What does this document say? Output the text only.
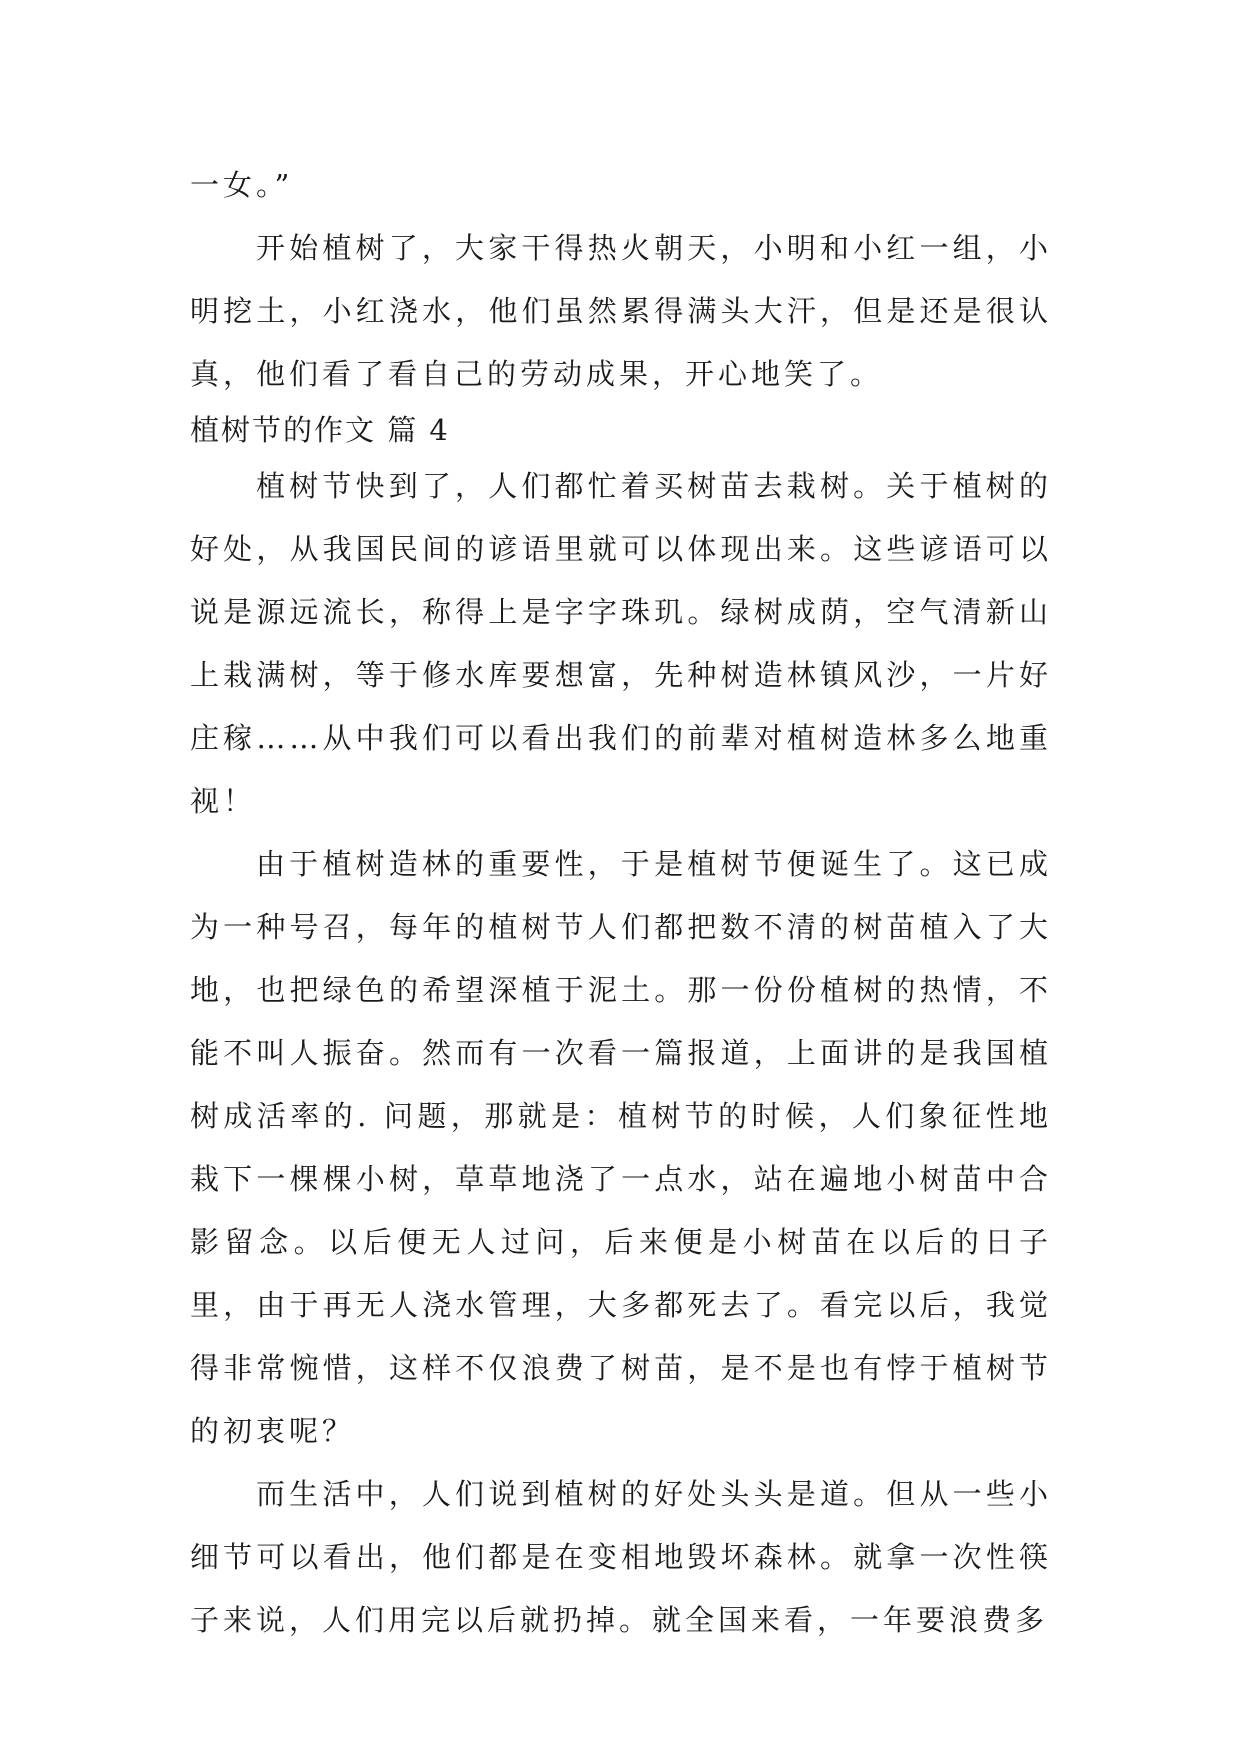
一女。”

开始植树了，大家干得热火朝天，小明和小红一组，小明挖土，小红浇水，他们虽然累得满头大汗，但是还是很认真，他们看了看自己的劳动成果，开心地笑了。

植树节的作文 篇 4

植树节快到了，人们都忙着买树苗去栽树。关于植树的好处，从我国民间的谚语里就可以体现出来。这些谚语可以说是源远流长，称得上是字字珠玑。绿树成荫，空气清新山上栽满树，等于修水库要想富，先种树造林镇风沙，一片好庄稼……从中我们可以看出我们的前辈对植树造林多么地重视！

由于植树造林的重要性，于是植树节便诞生了。这已成为一种号召，每年的植树节人们都把数不清的树苗植入了大地，也把绿色的希望深植于泥土。那一份份植树的热情，不能不叫人振奋。然而有一次看一篇报道，上面讲的是我国植树成活率的. 问题，那就是：植树节的时候，人们象征性地栽下一棵棵小树，草草地浇了一点水，站在遍地小树苗中合影留念。以后便无人过问，后来便是小树苗在以后的日子里，由于再无人浇水管理，大多都死去了。看完以后，我觉得非常惋惜，这样不仅浪费了树苗，是不是也有悖于植树节的初衷呢？

而生活中，人们说到植树的好处头头是道。但从一些小细节可以看出，他们都是在变相地毁坏森林。就拿一次性筷子来说，人们用完以后就扔掉。就全国来看，一年要浪费多
